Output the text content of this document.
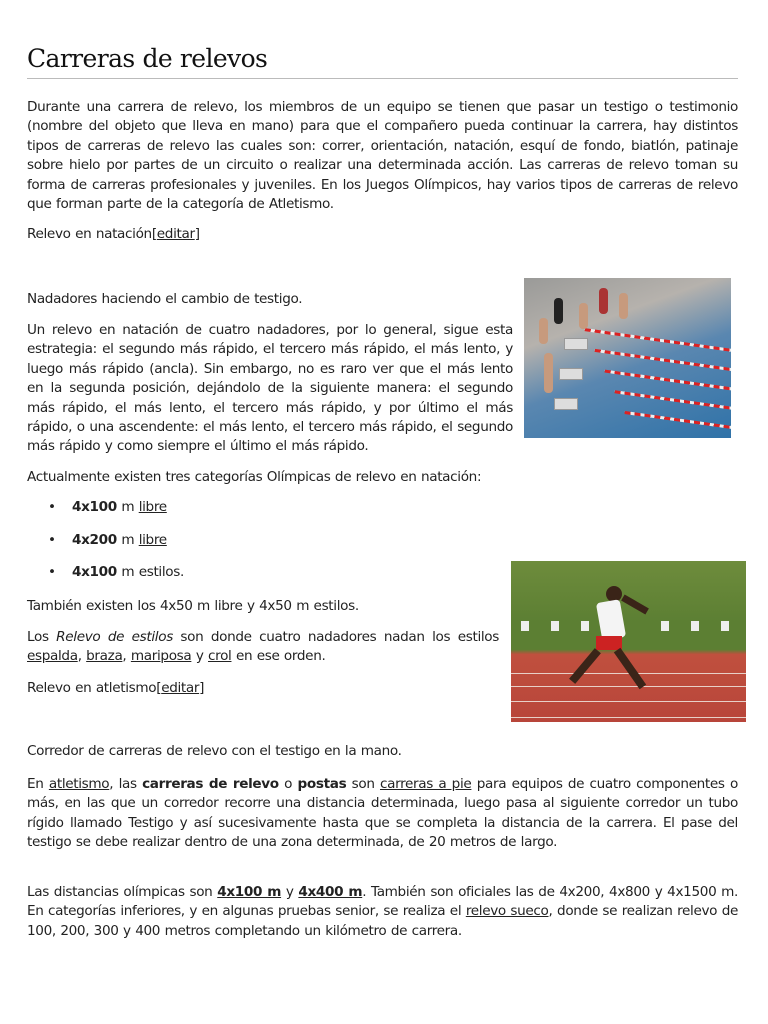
Carreras de relevos

Durante una carrera de relevo, los miembros de un equipo se tienen que pasar un testigo o testimonio (nombre del objeto que lleva en mano) para que el compañero pueda continuar la carrera, hay distintos tipos de carreras de relevo las cuales son: correr, orientación, natación, esquí de fondo, biatlón, patinaje sobre hielo por partes de un circuito o realizar una determinada acción. Las carreras de relevo toman su forma de carreras profesionales y juveniles. En los Juegos Olímpicos, hay varios tipos de carreras de relevo que forman parte de la categoría de Atletismo.

Relevo en natación[editar]

Nadadores haciendo el cambio de testigo.

Un relevo en natación de cuatro nadadores, por lo general, sigue esta estrategia: el segundo más rápido, el tercero más rápido, el más lento, y luego más rápido (ancla). Sin embargo, no es raro ver que el más lento en la segunda posición, dejándolo de la siguiente manera: el segundo más rápido, el más lento, el tercero más rápido, y por último el más rápido, o una ascendente: el más lento, el tercero más rápido, el segundo más rápido y como siempre el último el más rápido.

Actualmente existen tres categorías Olímpicas de relevo en natación:

• 4x100 m libre
• 4x200 m libre
• 4x100 m estilos.

También existen los 4x50 m libre y 4x50 m estilos.

Los Relevo de estilos son donde cuatro nadadores nadan los estilos espalda, braza, mariposa y crol en ese orden.

Relevo en atletismo[editar]

Corredor de carreras de relevo con el testigo en la mano.

En atletismo, las carreras de relevo o postas son carreras a pie para equipos de cuatro componentes o más, en las que un corredor recorre una distancia determinada, luego pasa al siguiente corredor un tubo rígido llamado Testigo y así sucesivamente hasta que se completa la distancia de la carrera. El pase del testigo se debe realizar dentro de una zona determinada, de 20 metros de largo.

Las distancias olímpicas son 4x100 m y 4x400 m. También son oficiales las de 4x200, 4x800 y 4x1500 m. En categorías inferiores, y en algunas pruebas senior, se realiza el relevo sueco, donde se realizan relevo de 100, 200, 300 y 400 metros completando un kilómetro de carrera.
